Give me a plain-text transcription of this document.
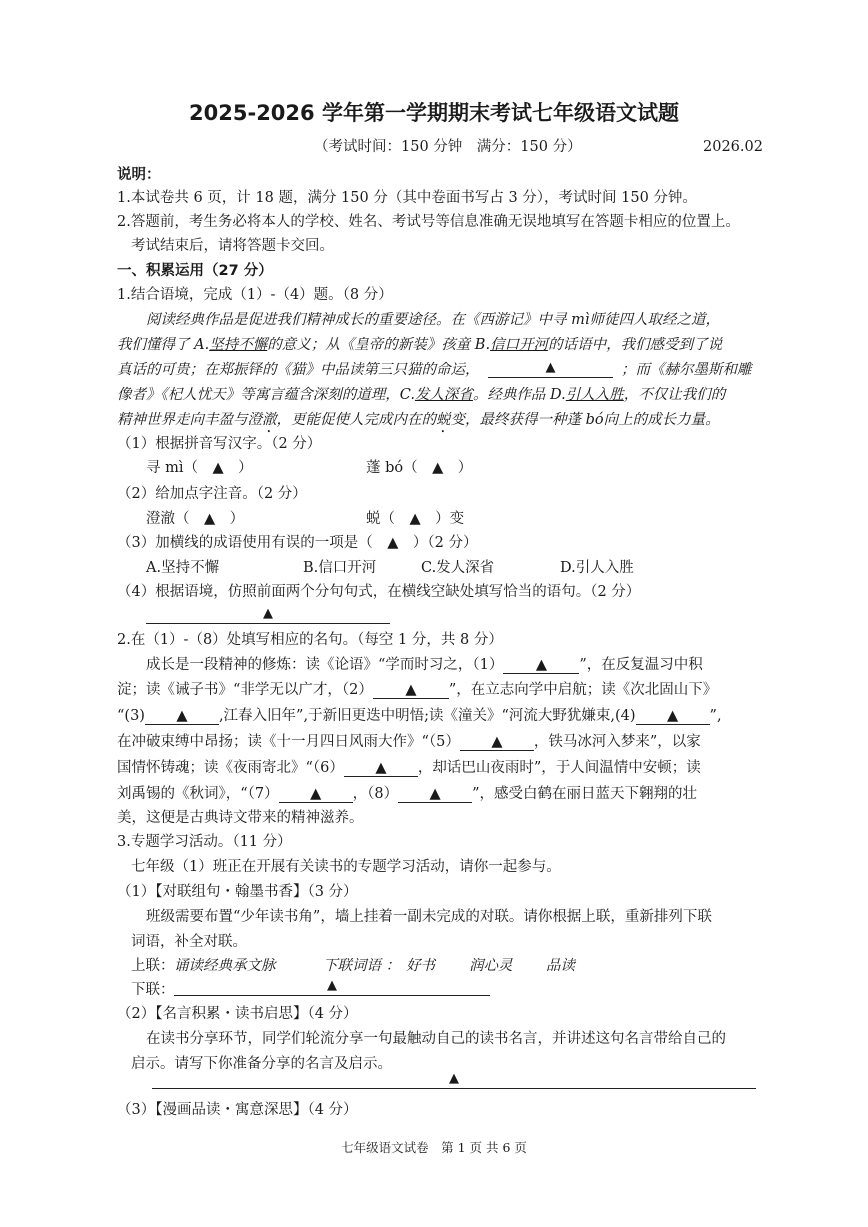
2025-2026 学年第一学期期末考试七年级语文试题
（考试时间：150 分钟　满分：150 分）	2026.02
说明：
1.本试卷共 6 页，计 18 题，满分 150 分（其中卷面书写占 3 分），考试时间 150 分钟。
2.答题前，考生务必将本人的学校、姓名、考试号等信息准确无误地填写在答题卡相应的位置上。
考试结束后，请将答题卡交回。
一、积累运用（27 分）
1.结合语境，完成（1）-（4）题。（8 分）
阅读经典作品是促进我们精神成长的重要途径。在《西游记》中寻 mì师徒四人取经之道，
我们懂得了 A.坚持不懈的意义；从《皇帝的新装》孩童 B.信口开河的话语中，我们感受到了说
真话的可贵；在郑振铎的《猫》中品读第三只猫的命运，	▲	；而《赫尔墨斯和雕
像者》《杞人忧天》等寓言蕴含深刻的道理，C.发人深省。经典作品 D.引人入胜，不仅让我们的
精神世界走向丰盈与澄澈，更能促使人完成内在的蜕变，最终获得一种蓬 bó向上的成长力量。
（1）根据拼音写汉字。（2 分）
寻 mì（　▲　）	蓬 bó（　▲　）
（2）给加点字注音。（2 分）
澄澈（　▲　）	蜕（　▲　）变
（3）加横线的成语使用有误的一项是（　▲　）（2 分）
A.坚持不懈	B.信口开河	C.发人深省	D.引人入胜
（4）根据语境，仿照前面两个分句句式，在横线空缺处填写恰当的语句。（2 分）
▲
2.在（1）-（8）处填写相应的名句。（每空 1 分，共 8 分）
成长是一段精神的修炼：读《论语》“学而时习之，（1） ▲ ”，在反复温习中积
淀；读《诫子书》“非学无以广才，（2） ▲ ”，在立志向学中启航；读《次北固山下》
“(3) ▲ ,江春入旧年”,于新旧更迭中明悟;读《潼关》“河流大野犹嫌束,(4) ▲ ”,
在冲破束缚中昂扬；读《十一月四日风雨大作》“（5） ▲ ，铁马冰河入梦来”，以家
国情怀铸魂；读《夜雨寄北》“（6） ▲ ，却话巴山夜雨时”，于人间温情中安顿；读
刘禹锡的《秋词》，“（7） ▲ ，（8） ▲ ”，感受白鹤在丽日蓝天下翱翔的壮
美，这便是古典诗文带来的精神滋养。
3.专题学习活动。（11 分）
七年级（1）班正在开展有关读书的专题学习活动，请你一起参与。
（1）【对联组句・翰墨书香】（3 分）
班级需要布置“少年读书角”，墙上挂着一副未完成的对联。请你根据上联，重新排列下联
词语，补全对联。
上联： 诵读经典承文脉	下联词语 ： 好书 润心灵 品读
下联：	▲
（2）【名言积累・读书启思】（4 分）
在读书分享环节，同学们轮流分享一句最触动自己的读书名言，并讲述这句名言带给自己的
启示。请写下你准备分享的名言及启示。
▲
（3）【漫画品读・寓意深思】（4 分）
七年级语文试卷　第 1 页 共 6 页
